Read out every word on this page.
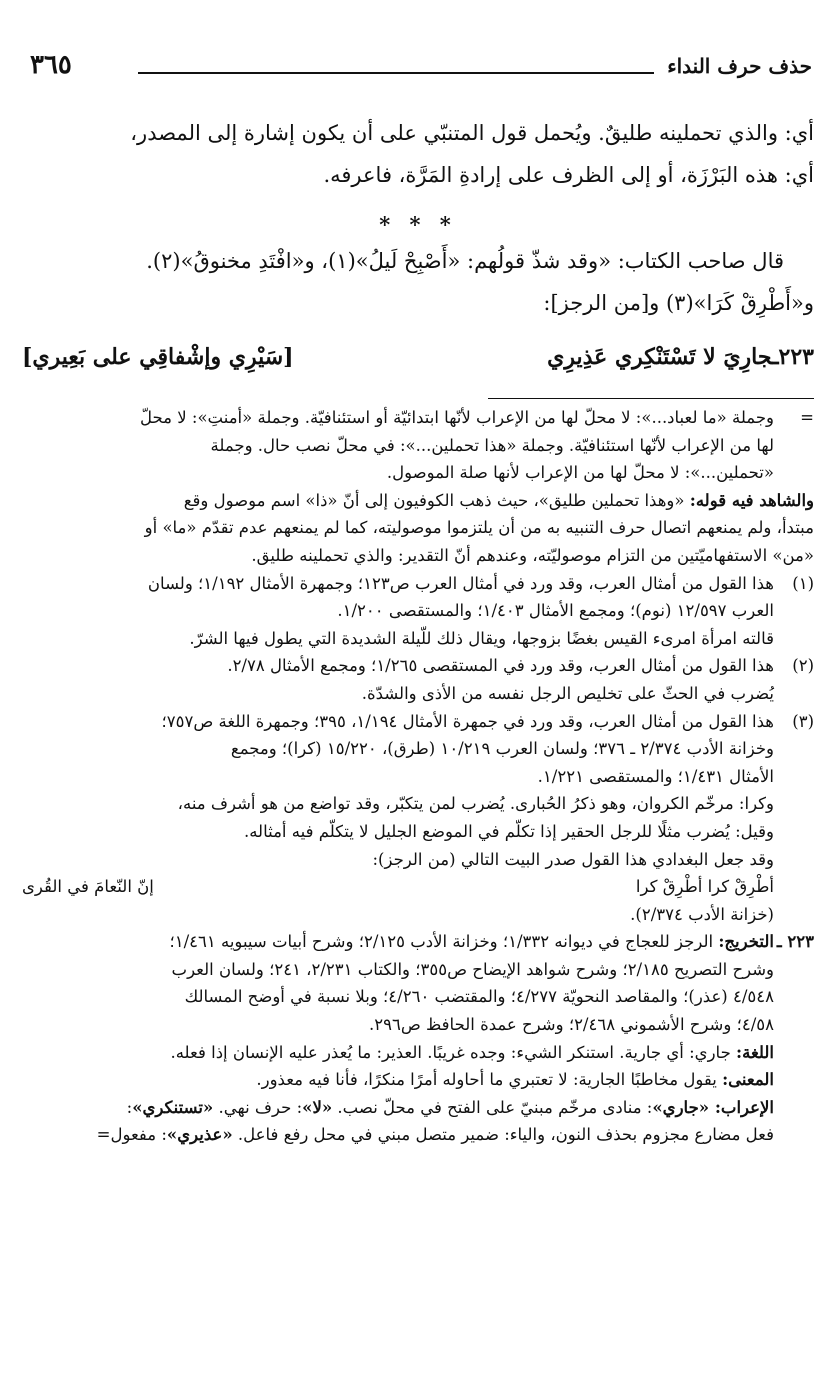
حذف حرف النداء
٣٦٥

أي: والذي تحملينه طليقٌ. ويُحمل قول المتنبّي على أن يكون إشارة إلى المصدر،

أي: هذه البَرْزَة، أو إلى الظرف على إرادةِ المَرَّة، فاعرفه.

* * *

قال صاحب الكتاب: «وقد شذّ قولُهم: «أَصْبِحْ لَيلُ»(١)، و«افْتَدِ مخنوقُ»(٢).

و«أَطْرِقْ كَرَا»(٣) و[من الرجز]:

٢٢٣ـجارِيَ لا تَسْتَنْكِري عَذِيرِي
[سَيْرِي وإشْفاقِي على بَعِيري]
=

وجملة «ما لعباد...»: لا محلّ لها من الإعراب لأنّها ابتدائيّة أو استئنافيّة. وجملة «أمنتِ»: لا محلّ

لها من الإعراب لأنّها استئنافيّة. وجملة «هذا تحملين...»: في محلّ نصب حال. وجملة

«تحملين...»: لا محلّ لها من الإعراب لأنها صلة الموصول.

والشاهد فيه قوله: «وهذا تحملين طليق»، حيث ذهب الكوفيون إلى أنّ «ذا» اسم موصول وقع

مبتدأ، ولم يمنعهم اتصال حرف التنبيه به من أن يلتزموا موصوليته، كما لم يمنعهم عدم تقدّم «ما» أو

«من» الاستفهاميّتين من التزام موصوليّته، وعندهم أنّ التقدير: والذي تحملينه طليق.

(١)

هذا القول من أمثال العرب، وقد ورد في أمثال العرب ص١٢٣؛ وجمهرة الأمثال ١/١٩٢؛ ولسان

العرب ١٢/٥٩٧ (نوم)؛ ومجمع الأمثال ١/٤٠٣؛ والمستقصى ١/٢٠٠.

قالته امرأة امرىء القيس بغضًا بزوجها، ويقال ذلك للّيلة الشديدة التي يطول فيها الشرّ.

(٢)

هذا القول من أمثال العرب، وقد ورد في المستقصى ١/٢٦٥؛ ومجمع الأمثال ٢/٧٨.

يُضرب في الحثّ على تخليص الرجل نفسه من الأذى والشدّة.

(٣)

هذا القول من أمثال العرب، وقد ورد في جمهرة الأمثال ١/١٩٤، ٣٩٥؛ وجمهرة اللغة ص٧٥٧؛

وخزانة الأدب ٢/٣٧٤ ـ ٣٧٦؛ ولسان العرب ١٠/٢١٩ (طرق)، ١٥/٢٢٠ (كرا)؛ ومجمع

الأمثال ١/٤٣١؛ والمستقصى ١/٢٢١.

وكرا: مرخّم الكروان، وهو ذكرُ الحُبارى. يُضرب لمن يتكبّر، وقد تواضع من هو أشرف منه،

وقيل: يُضرب مثلًا للرجل الحقير إذا تكلّم في الموضع الجليل لا يتكلّم فيه أمثاله.

وقد جعل البغدادي هذا القول صدر البيت التالي (من الرجز):

أطْرِقْ كرا أطْرِقْ كرا
إنّ النّعامَ في القُرى

(خزانة الأدب ٢/٣٧٤).

٢٢٣ ـ

التخريج: الرجز للعجاج في ديوانه ١/٣٣٢؛ وخزانة الأدب ٢/١٢٥؛ وشرح أبيات سيبويه ١/٤٦١؛

وشرح التصريح ٢/١٨٥؛ وشرح شواهد الإيضاح ص٣٥٥؛ والكتاب ٢/٢٣١، ٢٤١؛ ولسان العرب

٤/٥٤٨ (عذر)؛ والمقاصد النحويّة ٤/٢٧٧؛ والمقتضب ٤/٢٦٠؛ وبلا نسبة في أوضح المسالك

٤/٥٨؛ وشرح الأشموني ٢/٤٦٨؛ وشرح عمدة الحافظ ص٢٩٦.

اللغة: جاري: أي جارية. استنكر الشيء: وجده غريبًا. العذير: ما يُعذر عليه الإنسان إذا فعله.

المعنى: يقول مخاطبًا الجارية: لا تعتبري ما أحاوله أمرًا منكرًا، فأنا فيه معذور.

الإعراب: «جاري»: منادى مرخّم مبنيّ على الفتح في محلّ نصب. «لا»: حرف نهي. «تستنكري»:

فعل مضارع مجزوم بحذف النون، والياء: ضمير متصل مبني في محل رفع فاعل. «عذيري»: مفعول=
